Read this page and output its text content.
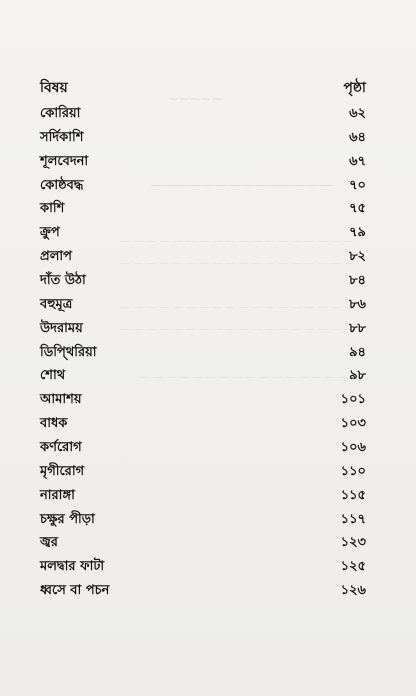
~~~~~
——————————————
— — — — — — — — — — — — — — — — — —
— — — — — — — — — — — — — — — — — —
— — — — — — — — — — — — — — — — — —
— — — — — — — — — — — — — — — — — —
— — — — — — — — — — — — — — — —
বিষয়	পৃষ্ঠা
কোরিয়া	৬২
সর্দিকাশি	৬৪
শূলবেদনা	৬৭
কোষ্ঠবদ্ধ	৭০
কাশি	৭৫
ক্রুপ	৭৯
প্রলাপ	৮২
দাঁত উঠা	৮৪
বহুমূত্র	৮৬
উদরাময়	৮৮
ডিপ্থিরিয়া	৯৪
শোথ	৯৮
আমাশয়	১০১
বাধক	১০৩
কর্ণরোগ	১০৬
মৃগীরোগ	১১০
নারাঙ্গা	১১৫
চক্ষুর পীড়া	১১৭
জ্বর	১২৩
মলদ্বার ফাটা	১২৫
ধ্বসে বা পচন	১২৬
